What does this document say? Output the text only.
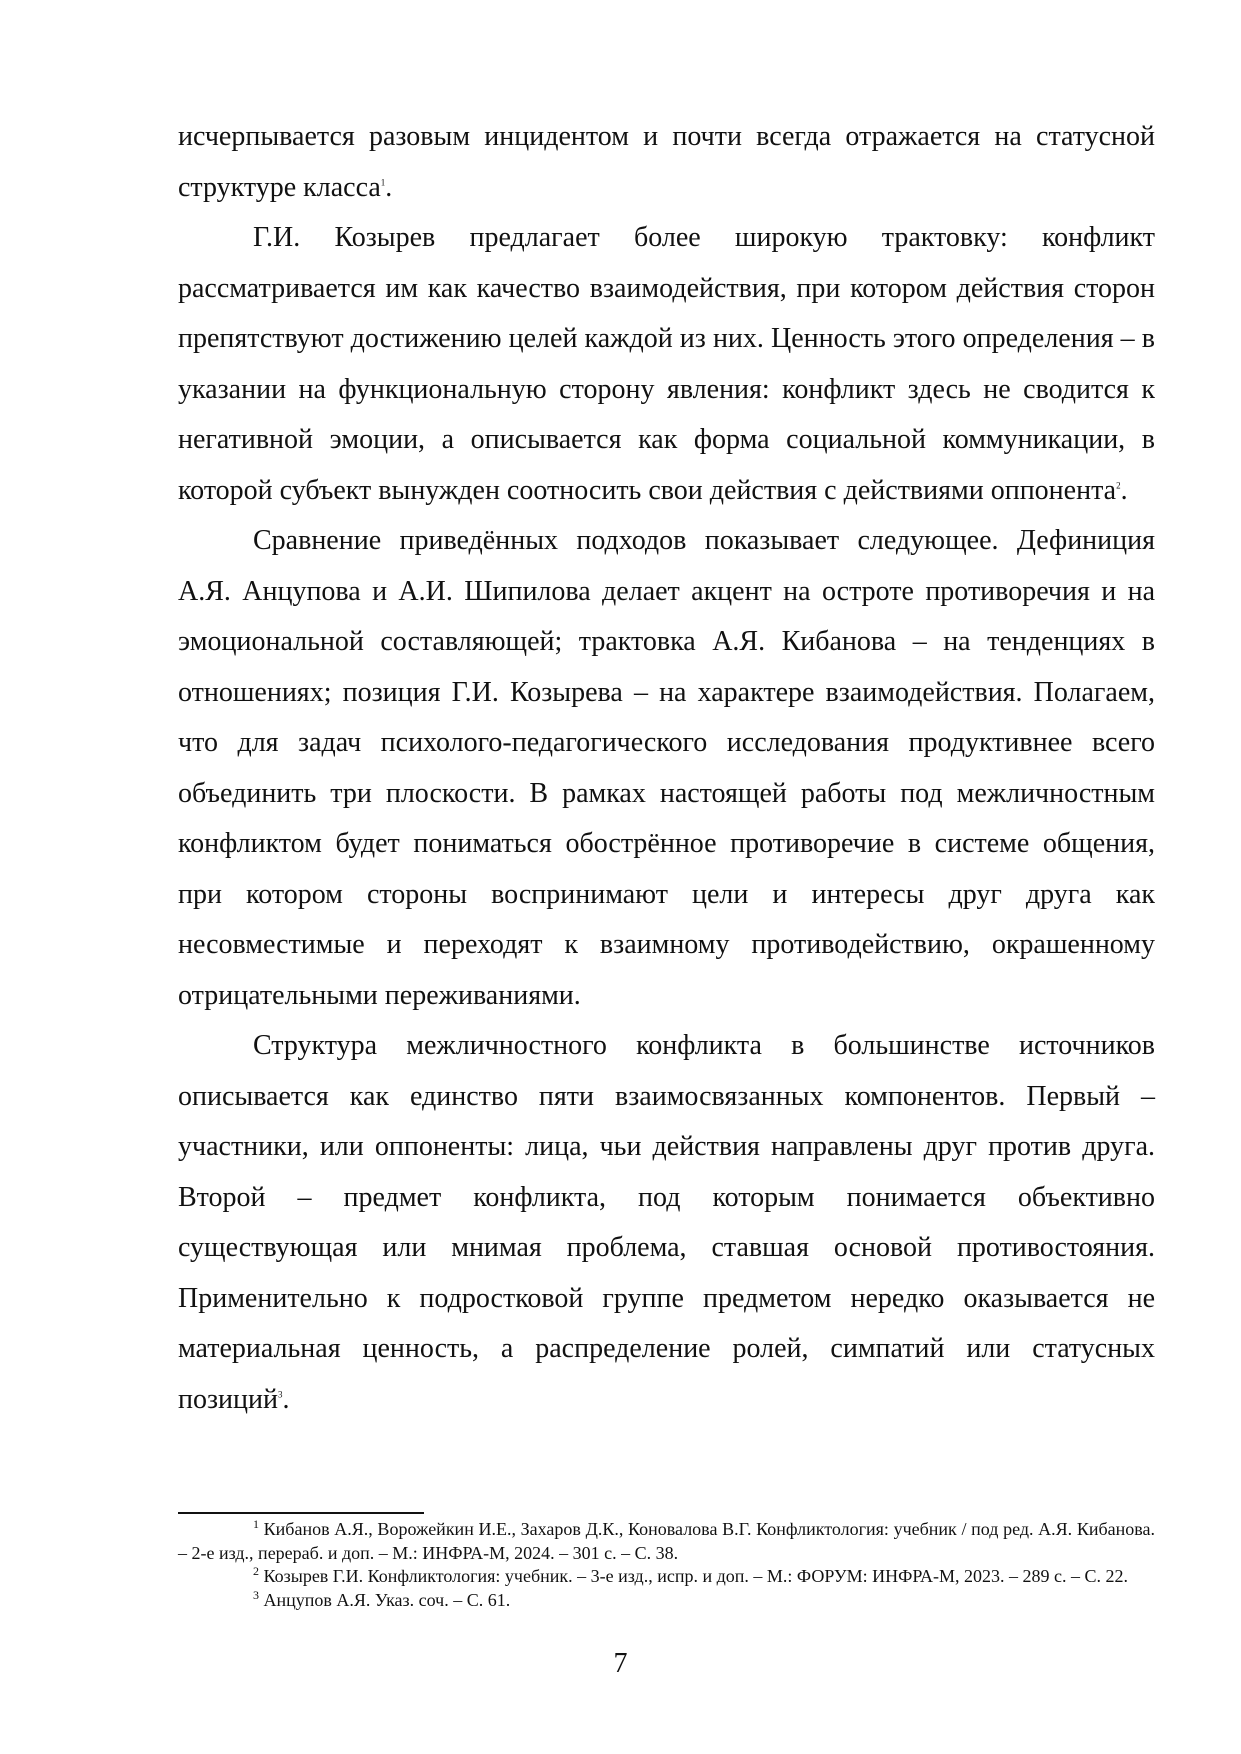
исчерпывается разовым инцидентом и почти всегда отражается на статусной структуре класса$^1$.

Г.И. Козырев предлагает более широкую трактовку: конфликт рассматривается им как качество взаимодействия, при котором действия сторон препятствуют достижению целей каждой из них. Ценность этого определения – в указании на функциональную сторону явления: конфликт здесь не сводится к негативной эмоции, а описывается как форма социальной коммуникации, в которой субъект вынужден соотносить свои действия с действиями оппонента$^2$.

Сравнение приведённых подходов показывает следующее. Дефиниция А.Я. Анцупова и А.И. Шипилова делает акцент на остроте противоречия и на эмоциональной составляющей; трактовка А.Я. Кибанова – на тенденциях в отношениях; позиция Г.И. Козырева – на характере взаимодействия. Полагаем, что для задач психолого-педагогического исследования продуктивнее всего объединить три плоскости. В рамках настоящей работы под межличностным конфликтом будет пониматься обострённое противоречие в системе общения, при котором стороны воспринимают цели и интересы друг друга как несовместимые и переходят к взаимному противодействию, окрашенному отрицательными переживаниями.

Структура межличностного конфликта в большинстве источников описывается как единство пяти взаимосвязанных компонентов. Первый – участники, или оппоненты: лица, чьи действия направлены друг против друга. Второй – предмет конфликта, под которым понимается объективно существующая или мнимая проблема, ставшая основой противостояния. Применительно к подростковой группе предметом нередко оказывается не материальная ценность, а распределение ролей, симпатий или статусных позиций$^3$.

$^1$ Кибанов А.Я., Ворожейкин И.Е., Захаров Д.К., Коновалова В.Г. Конфликтология: учебник / под ред. А.Я. Кибанова. – 2-е изд., перераб. и доп. – М.: ИНФРА-М, 2024. – 301 с. – С. 38.

$^2$ Козырев Г.И. Конфликтология: учебник. – 3-е изд., испр. и доп. – М.: ФОРУМ: ИНФРА-М, 2023. – 289 с. – С. 22.

$^3$ Анцупов А.Я. Указ. соч. – С. 61.

7
